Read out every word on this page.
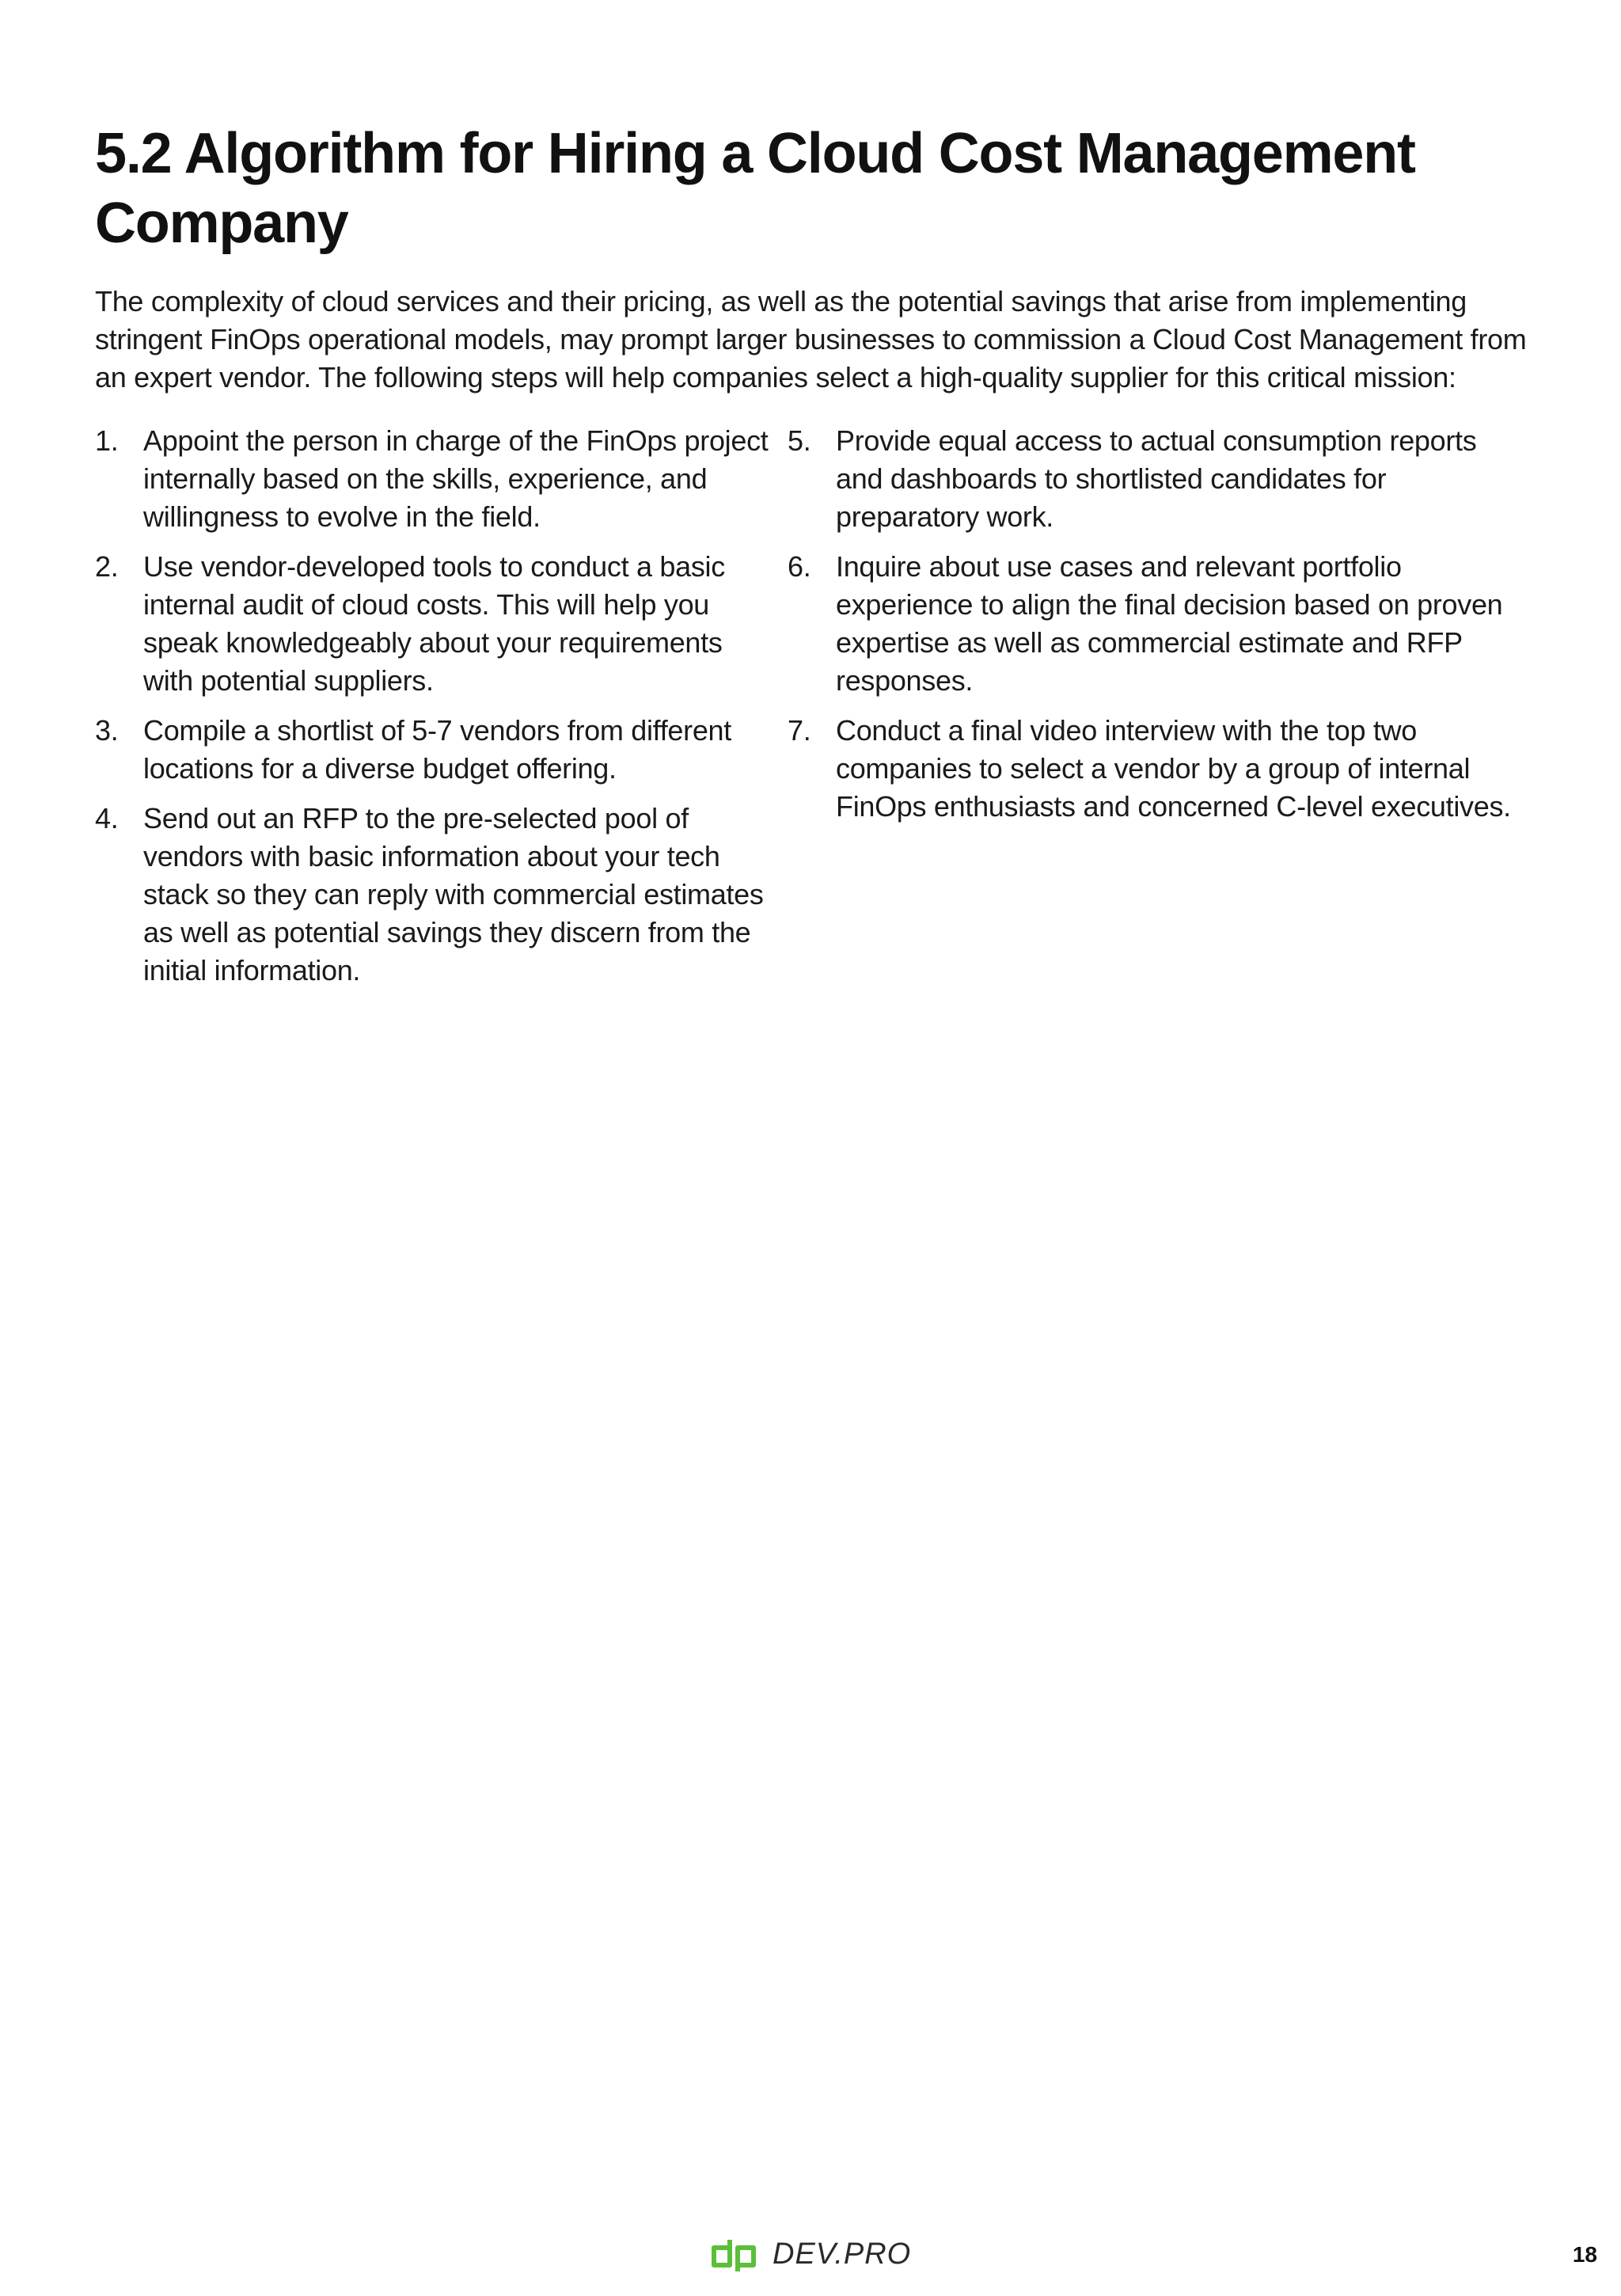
5.2 Algorithm for Hiring a Cloud Cost Management Company

The complexity of cloud services and their pricing, as well as the potential savings that arise from implementing stringent FinOps operational models, may prompt larger businesses to commission a Cloud Cost Management from an expert vendor. The following steps will help companies select a high-quality supplier for this critical mission:

1. Appoint the person in charge of the FinOps project internally based on the skills, experience, and willingness to evolve in the field.
2. Use vendor-developed tools to conduct a basic internal audit of cloud costs. This will help you speak knowledgeably about your requirements with potential suppliers.
3. Compile a shortlist of 5-7 vendors from different locations for a diverse budget offering.
4. Send out an RFP to the pre-selected pool of vendors with basic information about your tech stack so they can reply with commercial estimates as well as potential savings they discern from the initial information.
5. Provide equal access to actual consumption reports and dashboards to shortlisted candidates for preparatory work.
6. Inquire about use cases and relevant portfolio experience to align the final decision based on proven expertise as well as commercial estimate and RFP responses.
7. Conduct a final video interview with the top two companies to select a vendor by a group of internal FinOps enthusiasts and concerned C-level executives.
DEV.PRO	18
